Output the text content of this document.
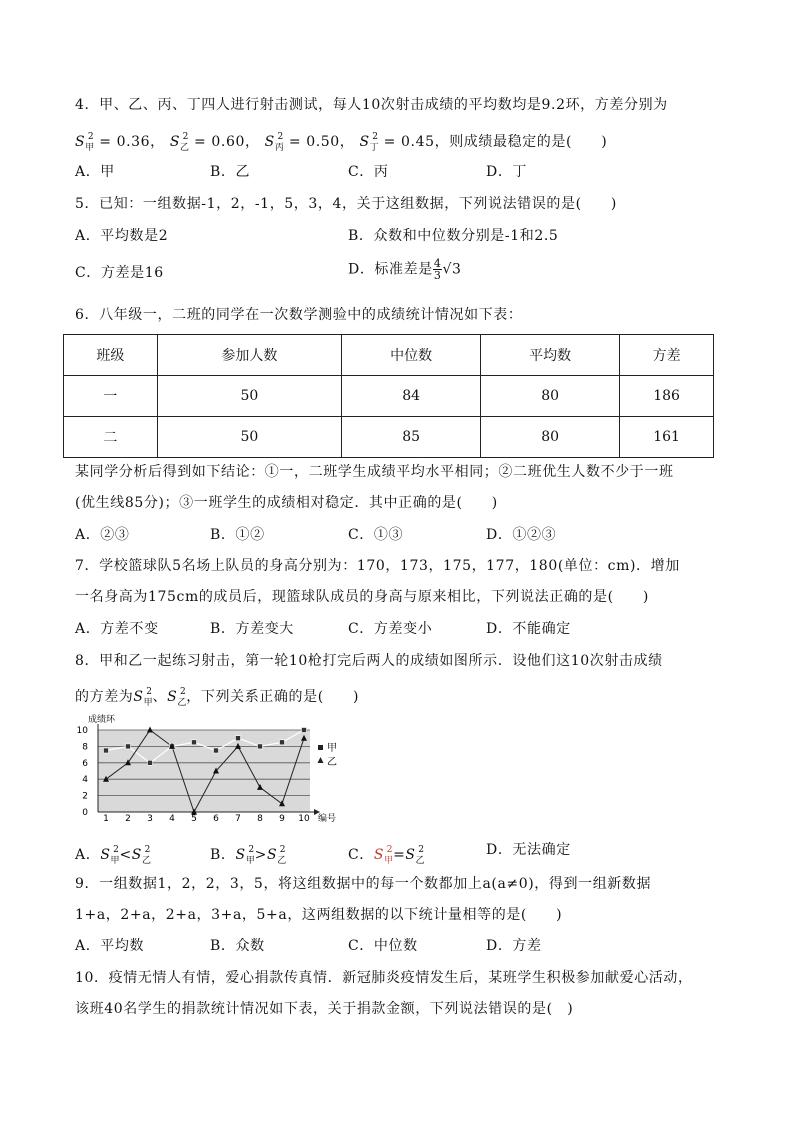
4．甲、乙、丙、丁四人进行射击测试，每人10次射击成绩的平均数均是9.2环，方差分别为
$S_甲^2 = 0.36$， $S_乙^2 = 0.60$， $S_丙^2 = 0.50$， $S_丁^2 = 0.45$，则成绩最稳定的是(　　)
A．甲	B．乙	C．丙	D．丁
5．已知：一组数据-1，2，-1，5，3，4，关于这组数据，下列说法错误的是(　　)
A．平均数是2	B．众数和中位数分别是-1和2.5
C．方差是16	D．标准差是 $\frac{4}{3} √3$
6．八年级一，二班的同学在一次数学测验中的成绩统计情况如下表：
班级	参加人数	中位数	平均数	方差
一	50	84	80	186
二	50	85	80	161
某同学分析后得到如下结论：①一，二班学生成绩平均水平相同；②二班优生人数不少于一班
(优生线85分)；③一班学生的成绩相对稳定．其中正确的是(　　)
A．②③	B．①②	C．①③	D．①②③
7．学校篮球队5名场上队员的身高分别为：170，173，175，177，180(单位：cm)．增加
一名身高为175cm的成员后，现篮球队成员的身高与原来相比，下列说法正确的是(　　)
A．方差不变	B．方差变大	C．方差变小	D．不能确定
8．甲和乙一起练习射击，第一轮10枪打完后两人的成绩如图所示．设他们这10次射击成绩
的方差为$S_甲^2$、$S_乙^2$，下列关系正确的是(　　)
0
2
4
6
8
10
1 2 3 4 5 6 7 8 9 10
成绩环
编号
甲
乙
A．$S_甲^2<S_乙^2$	B．$S_甲^2>S_乙^2$	C．$S_甲^2=S_乙^2$	D．无法确定
9．一组数据1，2，2，3，5，将这组数据中的每一个数都加上a(a≠0)，得到一组新数据
1+a，2+a，2+a，3+a，5+a，这两组数据的以下统计量相等的是(　　)
A．平均数	B．众数	C．中位数	D．方差
10．疫情无情人有情，爱心捐款传真情．新冠肺炎疫情发生后，某班学生积极参加献爱心活动，
该班40名学生的捐款统计情况如下表，关于捐款金额，下列说法错误的是(　)
